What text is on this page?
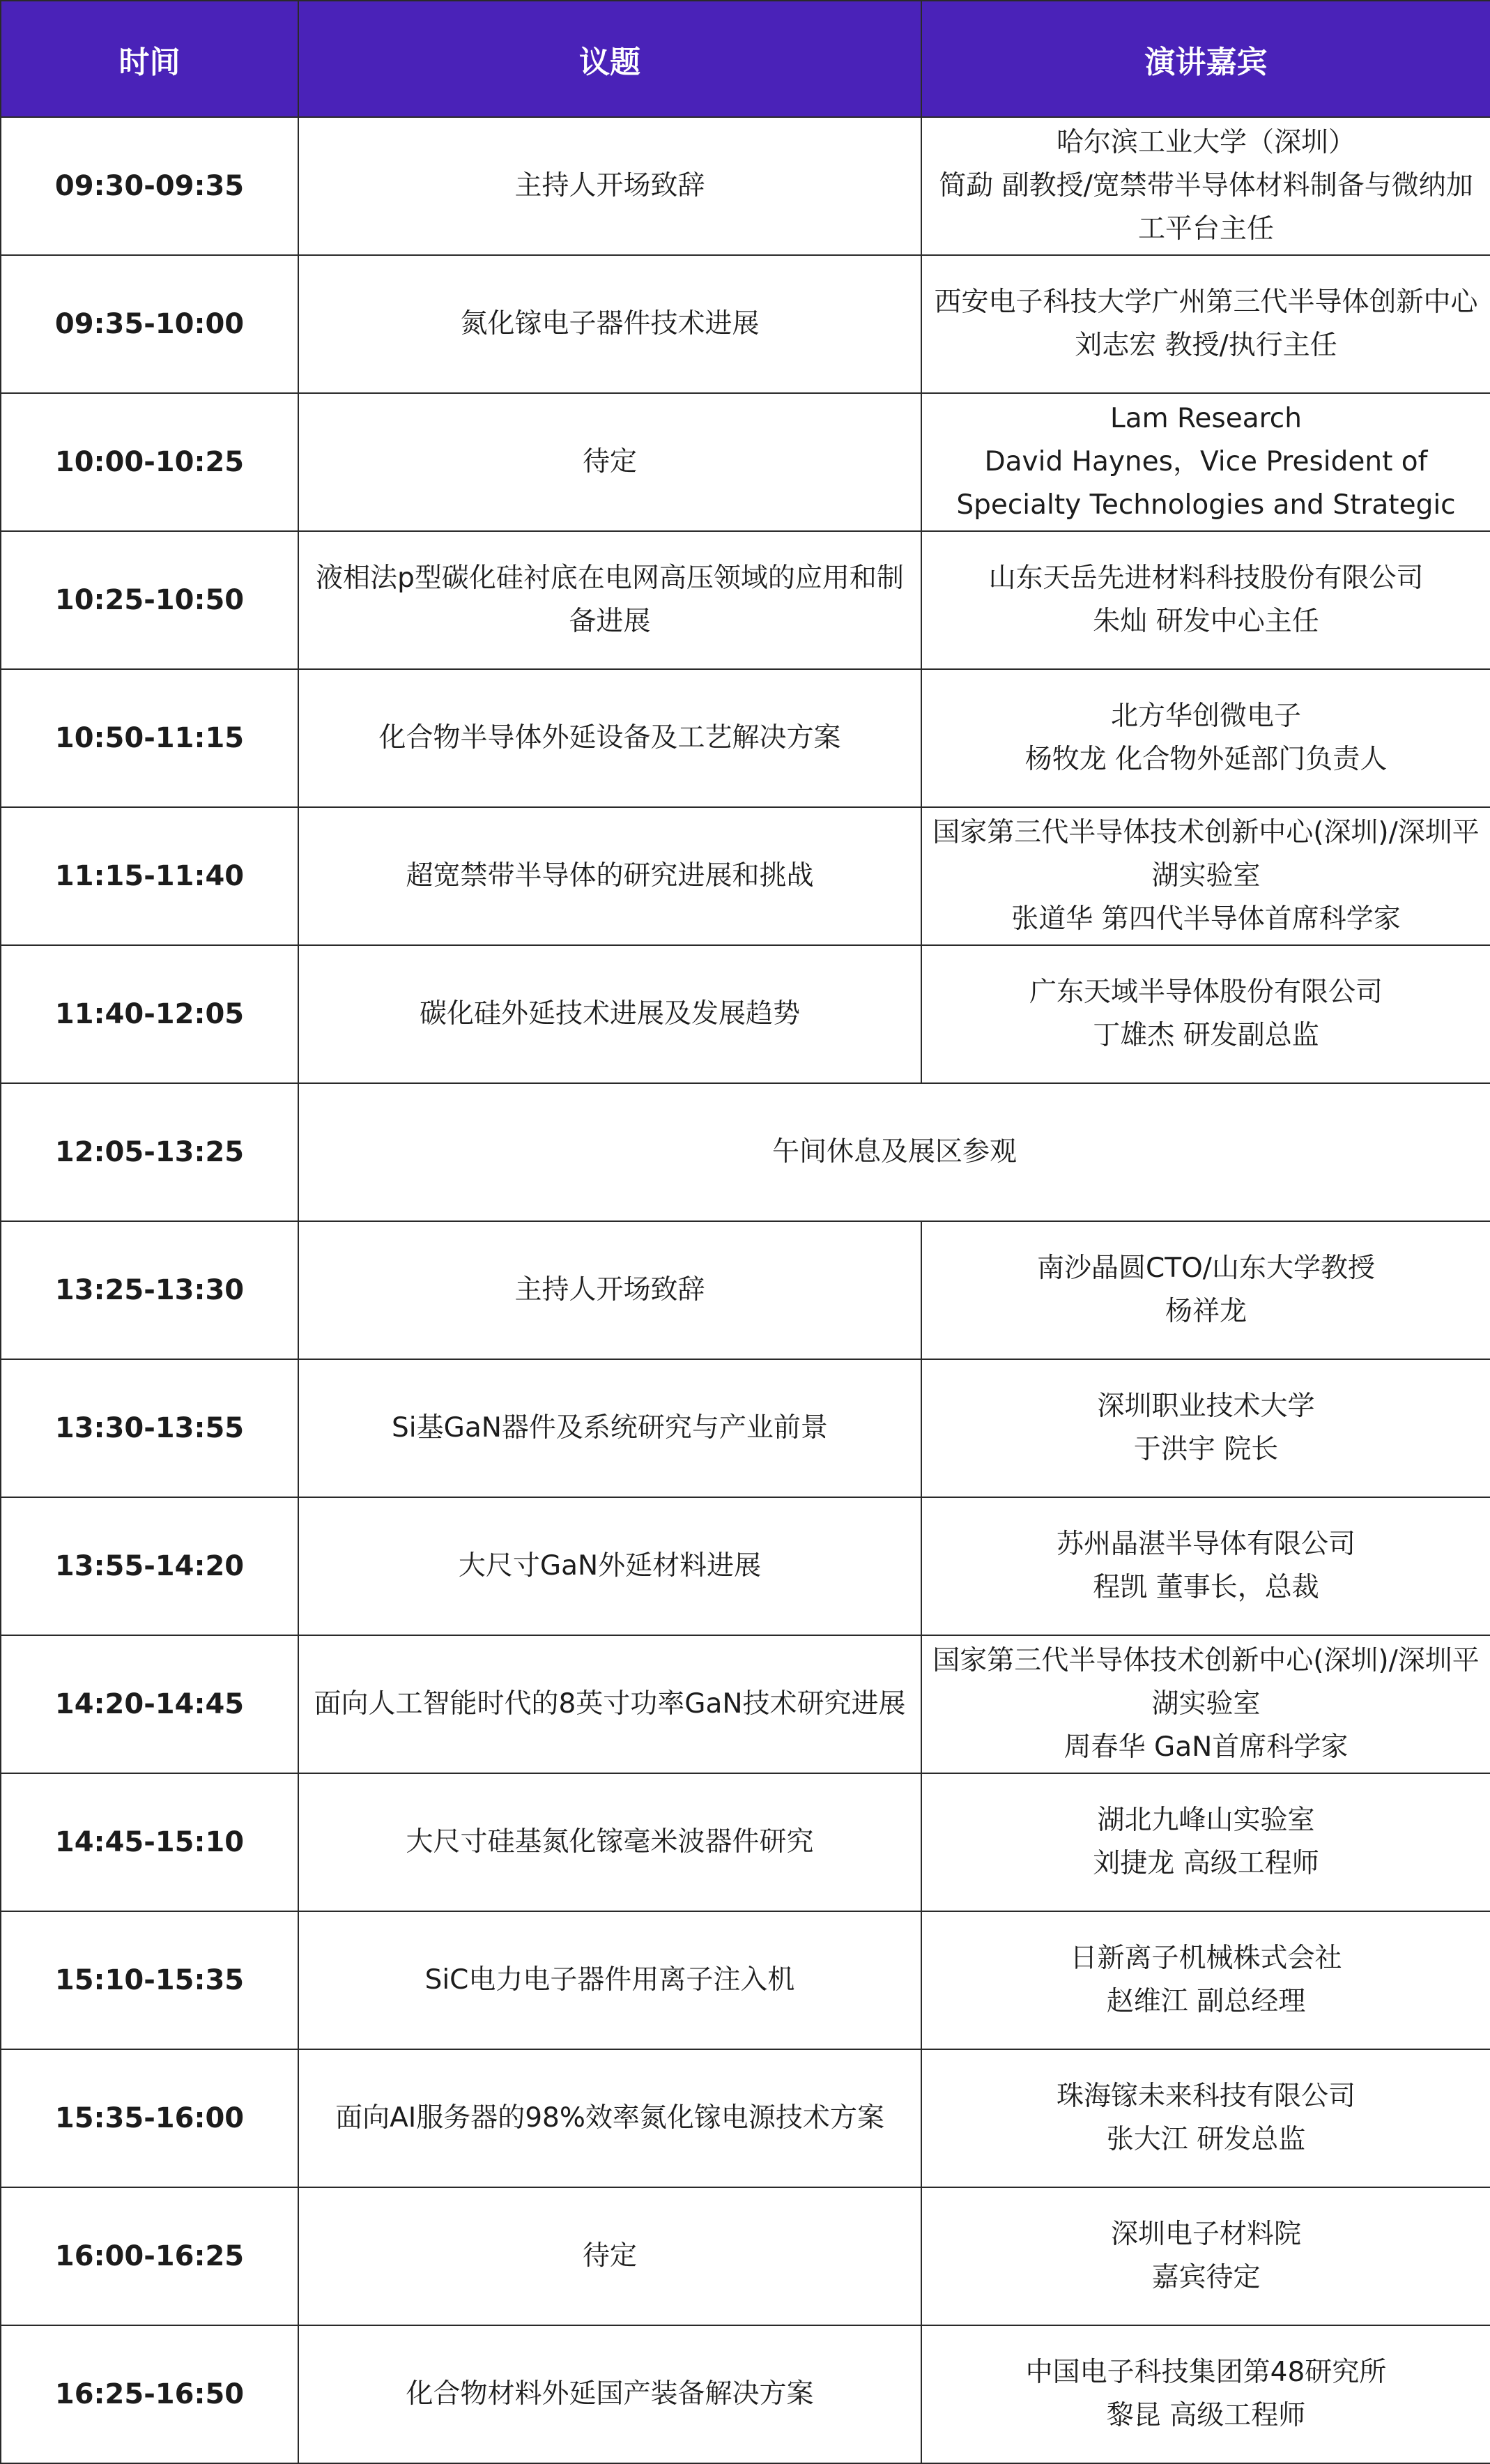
时间	议题	演讲嘉宾
09:30-09:35	主持人开场致辞	哈尔滨工业大学（深圳）
简勐 副教授/宽禁带半导体材料制备与微纳加工平台主任

09:35-10:00	氮化镓电子器件技术进展	西安电子科技大学广州第三代半导体创新中心
刘志宏 教授/执行主任

10:00-10:25	待定	Lam Research
David Haynes，Vice President of Specialty Technologies and Strategic

10:25-10:50	液相法p型碳化硅衬底在电网高压领域的应用和制备进展	山东天岳先进材料科技股份有限公司
朱灿 研发中心主任

10:50-11:15	化合物半导体外延设备及工艺解决方案	北方华创微电子
杨牧龙 化合物外延部门负责人

11:15-11:40	超宽禁带半导体的研究进展和挑战	国家第三代半导体技术创新中心(深圳)/深圳平湖实验室
张道华 第四代半导体首席科学家

11:40-12:05	碳化硅外延技术进展及发展趋势	广东天域半导体股份有限公司
丁雄杰 研发副总监

12:05-13:25	午间休息及展区参观	
13:25-13:30	主持人开场致辞	南沙晶圆CTO/山东大学教授
杨祥龙

13:30-13:55	Si基GaN器件及系统研究与产业前景	深圳职业技术大学
于洪宇 院长

13:55-14:20	大尺寸GaN外延材料进展	苏州晶湛半导体有限公司
程凯 董事长，总裁

14:20-14:45	面向人工智能时代的8英寸功率GaN技术研究进展	国家第三代半导体技术创新中心(深圳)/深圳平湖实验室
周春华 GaN首席科学家

14:45-15:10	大尺寸硅基氮化镓毫米波器件研究	湖北九峰山实验室
刘捷龙 高级工程师

15:10-15:35	SiC电力电子器件用离子注入机	日新离子机械株式会社
赵维江 副总经理

15:35-16:00	面向AI服务器的98%效率氮化镓电源技术方案	珠海镓未来科技有限公司
张大江 研发总监

16:00-16:25	待定	深圳电子材料院
嘉宾待定

16:25-16:50	化合物材料外延国产装备解决方案	中国电子科技集团第48研究所
黎昆 高级工程师
